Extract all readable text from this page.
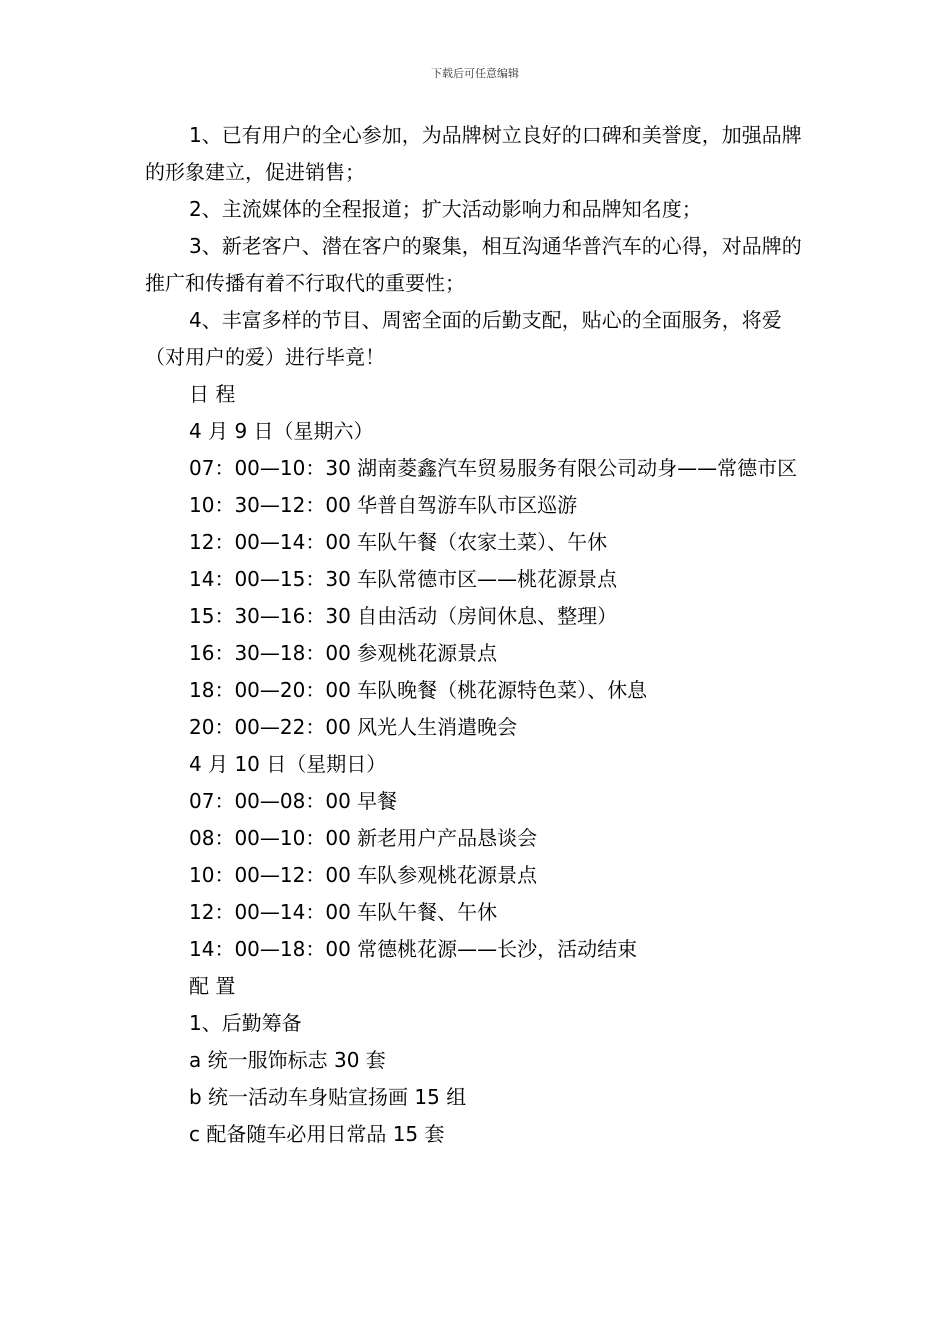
下载后可任意编辑

1、已有用户的全心参加，为品牌树立良好的口碑和美誉度，加强品牌的形象建立，促进销售；

2、主流媒体的全程报道；扩大活动影响力和品牌知名度；

3、新老客户、潜在客户的聚集，相互沟通华普汽车的心得，对品牌的推广和传播有着不行取代的重要性；

4、丰富多样的节目、周密全面的后勤支配，贴心的全面服务，将爱（对用户的爱）进行毕竟！

日 程

4 月 9 日（星期六）

07：00—10：30 湖南菱鑫汽车贸易服务有限公司动身——常德市区

10：30—12：00 华普自驾游车队市区巡游

12：00—14：00 车队午餐（农家土菜）、午休

14：00—15：30 车队常德市区——桃花源景点

15：30—16：30 自由活动（房间休息、整理）

16：30—18：00 参观桃花源景点

18：00—20：00 车队晚餐（桃花源特色菜）、休息

20：00—22：00 风光人生消遣晚会

4 月 10 日（星期日）

07：00—08：00 早餐

08：00—10：00 新老用户产品恳谈会

10：00—12：00 车队参观桃花源景点

12：00—14：00 车队午餐、午休

14：00—18：00 常德桃花源——长沙，活动结束

配 置

1、后勤筹备

a 统一服饰标志 30 套

b 统一活动车身贴宣扬画 15 组

c 配备随车必用日常品 15 套
